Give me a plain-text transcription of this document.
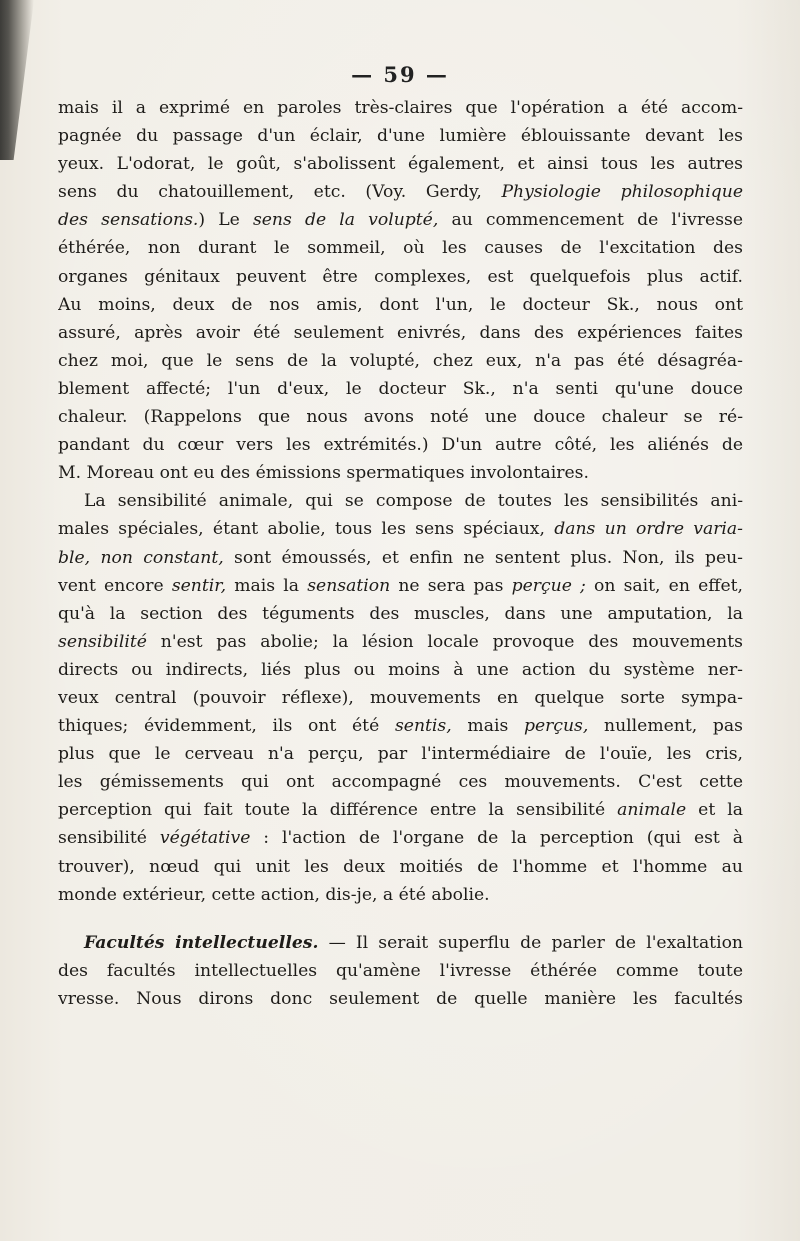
— 59 —
mais il a exprimé en paroles très-claires que l'opération a été accom-
pagnée du passage d'un éclair, d'une lumière éblouissante devant les
yeux. L'odorat, le goût, s'abolissent également, et ainsi tous les autres
sens du chatouillement, etc. (Voy. Gerdy, Physiologie philosophique
des sensations.) Le sens de la volupté, au commencement de l'ivresse
éthérée, non durant le sommeil, où les causes de l'excitation des
organes génitaux peuvent être complexes, est quelquefois plus actif.
Au moins, deux de nos amis, dont l'un, le docteur Sk., nous ont
assuré, après avoir été seulement enivrés, dans des expériences faites
chez moi, que le sens de la volupté, chez eux, n'a pas été désagréa-
blement affecté; l'un d'eux, le docteur Sk., n'a senti qu'une douce
chaleur. (Rappelons que nous avons noté une douce chaleur se ré-
pandant du cœur vers les extrémités.) D'un autre côté, les aliénés de
M. Moreau ont eu des émissions spermatiques involontaires.
La sensibilité animale, qui se compose de toutes les sensibilités ani-
males spéciales, étant abolie, tous les sens spéciaux, dans un ordre varia-
ble, non constant, sont émoussés, et enfin ne sentent plus. Non, ils peu-
vent encore sentir, mais la sensation ne sera pas perçue ; on sait, en effet,
qu'à la section des téguments des muscles, dans une amputation, la
sensibilité n'est pas abolie; la lésion locale provoque des mouvements
directs ou indirects, liés plus ou moins à une action du système ner-
veux central (pouvoir réflexe), mouvements en quelque sorte sympa-
thiques; évidemment, ils ont été sentis, mais perçus, nullement, pas
plus que le cerveau n'a perçu, par l'intermédiaire de l'ouïe, les cris,
les gémissements qui ont accompagné ces mouvements. C'est cette
perception qui fait toute la différence entre la sensibilité animale et la
sensibilité végétative : l'action de l'organe de la perception (qui est à
trouver), nœud qui unit les deux moitiés de l'homme et l'homme au
monde extérieur, cette action, dis-je, a été abolie.
Facultés intellectuelles. — Il serait superflu de parler de l'exaltation
des facultés intellectuelles qu'amène l'ivresse éthérée comme toute
vresse. Nous dirons donc seulement de quelle manière les facultés
